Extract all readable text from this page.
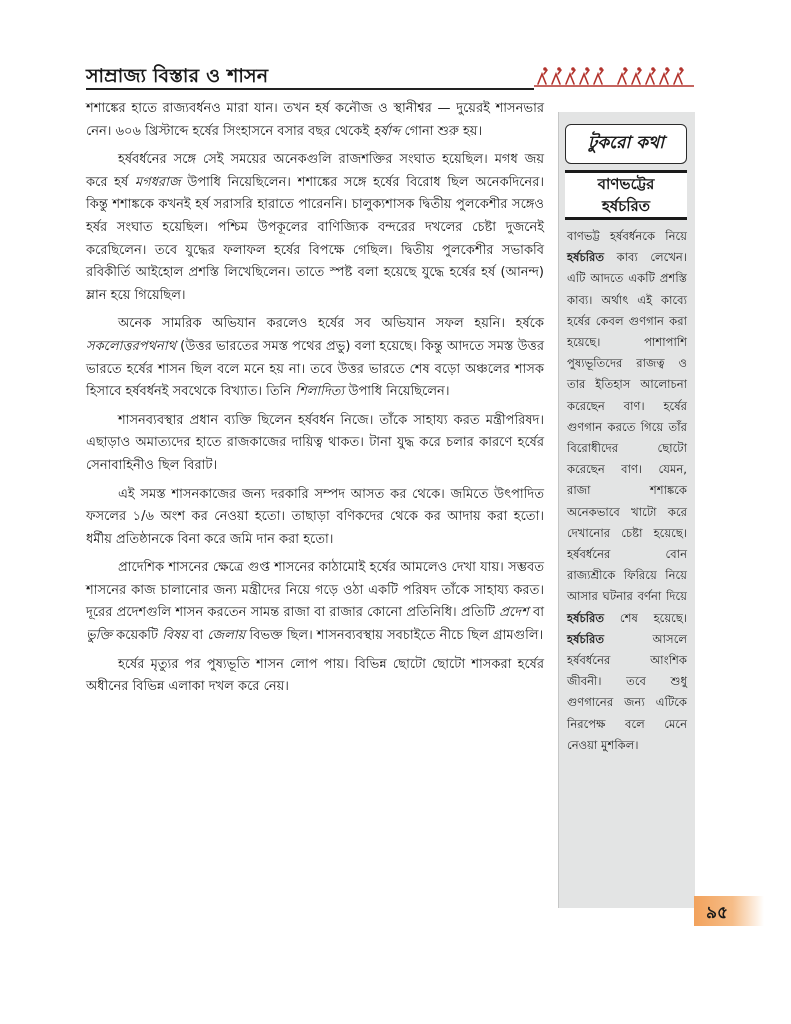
সাম্রাজ্য বিস্তার ও শাসন

শশাঙ্কের হাতে রাজ্যবর্ধনও মারা যান। তখন হর্ষ কনৌজ ও স্থানীশ্বর — দুয়েরই শাসনভার নেন। ৬০৬ খ্রিস্টাব্দে হর্ষের সিংহাসনে বসার বছর থেকেই হর্ষাব্দ গোনা শুরু হয়।

হর্ষবর্ধনের সঙ্গে সেই সময়ের অনেকগুলি রাজশক্তির সংঘাত হয়েছিল। মগধ জয় করে হর্ষ মগধরাজ উপাধি নিয়েছিলেন। শশাঙ্কের সঙ্গে হর্ষের বিরোধ ছিল অনেকদিনের। কিন্তু শশাঙ্ককে কখনই হর্ষ সরাসরি হারাতে পারেননি। চালুক্যশাসক দ্বিতীয় পুলকেশীর সঙ্গেও হর্ষর সংঘাত হয়েছিল। পশ্চিম উপকূলের বাণিজ্যিক বন্দরের দখলের চেষ্টা দুজনেই করেছিলেন। তবে যুদ্ধের ফলাফল হর্ষের বিপক্ষে গেছিল। দ্বিতীয় পুলকেশীর সভাকবি রবিকীর্তি আইহোল প্রশস্তি লিখেছিলেন। তাতে স্পষ্ট বলা হয়েছে যুদ্ধে হর্ষের হর্ষ (আনন্দ) ম্লান হয়ে গিয়েছিল।

অনেক সামরিক অভিযান করলেও হর্ষের সব অভিযান সফল হয়নি। হর্ষকে সকলোত্তরপথনাথ (উত্তর ভারতের সমস্ত পথের প্রভু) বলা হয়েছে। কিন্তু আদতে সমস্ত উত্তর ভারতে হর্ষের শাসন ছিল বলে মনে হয় না। তবে উত্তর ভারতে শেষ বড়ো অঞ্চলের শাসক হিসাবে হর্ষবর্ধনই সবথেকে বিখ্যাত। তিনি শিলাদিত্য উপাধি নিয়েছিলেন।

শাসনব্যবস্থার প্রধান ব্যক্তি ছিলেন হর্ষবর্ধন নিজে। তাঁকে সাহায্য করত মন্ত্রীপরিষদ। এছাড়াও অমাত্যদের হাতে রাজকাজের দায়িত্ব থাকত। টানা যুদ্ধ করে চলার কারণে হর্ষের সেনাবাহিনীও ছিল বিরাট।

এই সমস্ত শাসনকাজের জন্য দরকারি সম্পদ আসত কর থেকে। জমিতে উৎপাদিত ফসলের ১/৬ অংশ কর নেওয়া হতো। তাছাড়া বণিকদের থেকে কর আদায় করা হতো। ধর্মীয় প্রতিষ্ঠানকে বিনা করে জমি দান করা হতো।

প্রাদেশিক শাসনের ক্ষেত্রে গুপ্ত শাসনের কাঠামোই হর্ষের আমলেও দেখা যায়। সম্ভবত শাসনের কাজ চালানোর জন্য মন্ত্রীদের নিয়ে গড়ে ওঠা একটি পরিষদ তাঁকে সাহায্য করত। দূরের প্রদেশগুলি শাসন করতেন সামন্ত রাজা বা রাজার কোনো প্রতিনিধি। প্রতিটি প্রদেশ বা ভুক্তি কয়েকটি বিষয় বা জেলায় বিভক্ত ছিল। শাসনব্যবস্থায় সবচাইতে নীচে ছিল গ্রামগুলি।

হর্ষের মৃত্যুর পর পুষ্যভূতি শাসন লোপ পায়। বিভিন্ন ছোটো ছোটো শাসকরা হর্ষের অধীনের বিভিন্ন এলাকা দখল করে নেয়।

টুকরো কথা
বাণভট্টের
হর্ষচরিত
বাণভট্ট হর্ষবর্ধনকে নিয়ে হর্ষচরিত কাব্য লেখেন। এটি আদতে একটি প্রশস্তি কাব্য। অর্থাৎ এই কাব্যে হর্ষের কেবল গুণগান করা হয়েছে। পাশাপাশি পুষ্যভূতিদের রাজত্ব ও তার ইতিহাস আলোচনা করেছেন বাণ। হর্ষের গুণগান করতে গিয়ে তাঁর বিরোধীদের ছোটো করেছেন বাণ। যেমন, রাজা শশাঙ্ককে অনেকভাবে খাটো করে দেখানোর চেষ্টা হয়েছে। হর্ষবর্ধনের বোন রাজ্যশ্রীকে ফিরিয়ে নিয়ে আসার ঘটনার বর্ণনা দিয়ে হর্ষচরিত শেষ হয়েছে। হর্ষচরিত আসলে হর্ষবর্ধনের আংশিক জীবনী। তবে শুধু গুণগানের জন্য এটিকে নিরপেক্ষ বলে মেনে নেওয়া মুশকিল।
৯৫
